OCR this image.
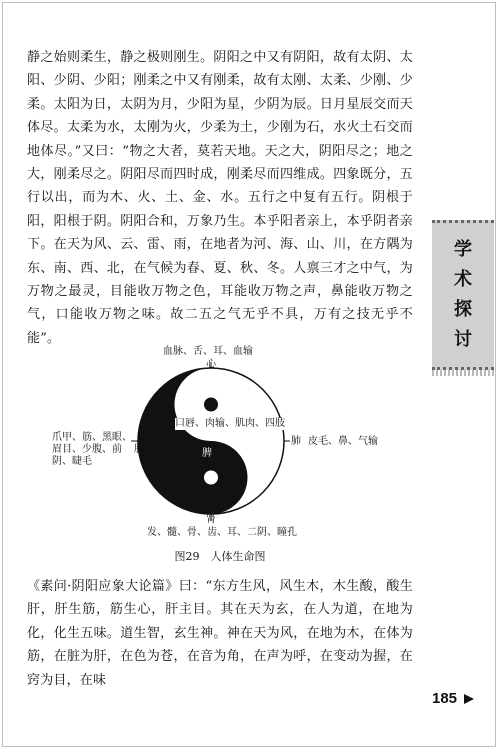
静之始则柔生，静之极则刚生。阴阳之中又有阴阳，故有太阴、太阳、少阴、少阳；刚柔之中又有刚柔，故有太刚、太柔、少刚、少柔。太阳为日，太阴为月，少阳为星，少阴为辰。日月星辰交而天体尽。太柔为水，太刚为火，少柔为土，少刚为石，水火土石交而地体尽。”又曰：“物之大者，莫若天地。天之大，阴阳尽之；地之大，刚柔尽之。阴阳尽而四时成，刚柔尽而四维成。四象既分，五行以出，而为木、火、土、金、水。五行之中复有五行。阴根于阳，阳根于阴。阴阳合和，万象乃生。本乎阳者亲上，本乎阴者亲下。在天为风、云、雷、雨，在地者为河、海、山、川，在方隅为东、南、西、北，在气候为春、夏、秋、冬。人禀三才之中气，为万物之最灵，目能收万物之色，耳能收万物之声，鼻能收万物之气，口能收万物之味。故二五之气无乎不具，万有之技无乎不能”。

血脉、舌、耳、血输
心
口唇、肉输、肌肉、四肢
脾
爪甲、筋、黑眼、
眉目、少腹、前
阴、睫毛
肝
肺 皮毛、鼻、气输
肾
发、髓、骨、齿、耳、二阴、瞳孔
图29　人体生命图

《素问·阴阳应象大论篇》曰：“东方生风，风生木，木生酸，酸生肝，肝生筋，筋生心，肝主目。其在天为玄，在人为道，在地为化，化生五味。道生智，玄生神。神在天为风，在地为木，在体为筋，在脏为肝，在色为苍，在音为角，在声为呼，在变动为握，在窍为目，在味

学术探讨
185
